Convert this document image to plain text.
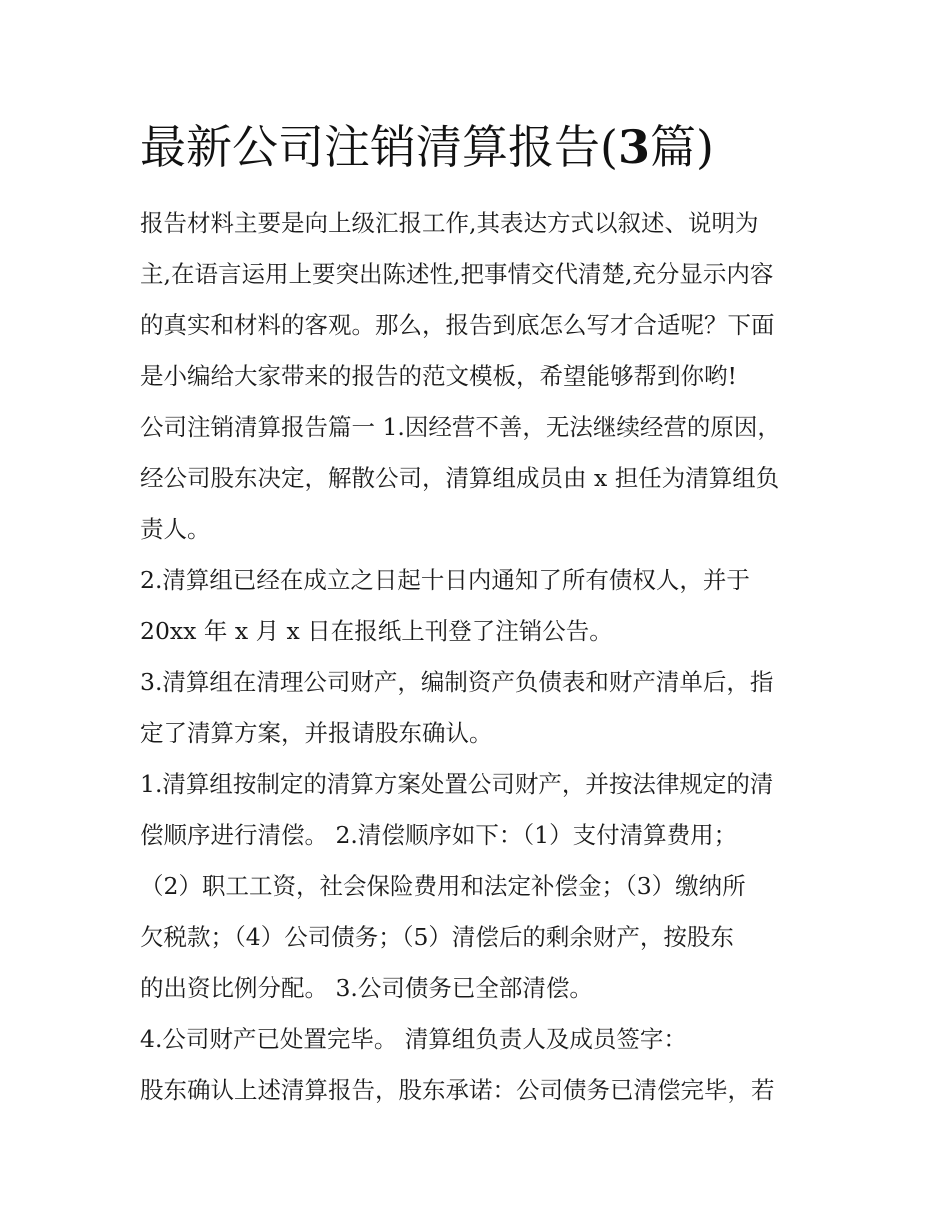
最新公司注销清算报告(3篇)
报告材料主要是向上级汇报工作,其表达方式以叙述、说明为
主,在语言运用上要突出陈述性,把事情交代清楚,充分显示内容
的真实和材料的客观。那么，报告到底怎么写才合适呢？下面
是小编给大家带来的报告的范文模板，希望能够帮到你哟!
公司注销清算报告篇一 1.因经营不善，无法继续经营的原因，
经公司股东决定，解散公司，清算组成员由 x 担任为清算组负
责人。
2.清算组已经在成立之日起十日内通知了所有债权人，并于
20xx 年 x 月 x 日在报纸上刊登了注销公告。
3.清算组在清理公司财产，编制资产负债表和财产清单后，指
定了清算方案，并报请股东确认。
1.清算组按制定的清算方案处置公司财产，并按法律规定的清
偿顺序进行清偿。 2.清偿顺序如下：（1）支付清算费用；
（2）职工工资，社会保险费用和法定补偿金；（3）缴纳所
欠税款；（4）公司债务；（5）清偿后的剩余财产，按股东
的出资比例分配。 3.公司债务已全部清偿。
4.公司财产已处置完毕。 清算组负责人及成员签字：
股东确认上述清算报告，股东承诺：公司债务已清偿完毕，若
